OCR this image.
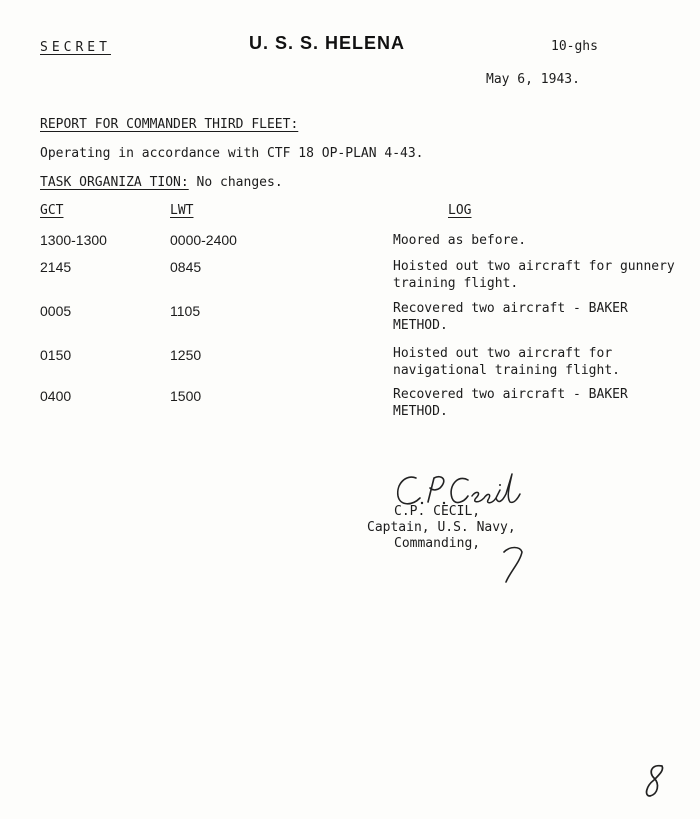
SECRET	U. S. S. HELENA	10-ghs
May 6, 1943.
REPORT FOR COMMANDER THIRD FLEET:
Operating in accordance with CTF 18 OP-PLAN 4-43.
TASK ORGANIZA TION: No changes.
GCT	LWT	LOG
1300-1300	0000-2400	Moored as before.
2145	0845	Hoisted out two aircraft for gunnery training flight.
0005	1105	Recovered two aircraft - BAKER METHOD.
0150	1250	Hoisted out two aircraft for navigational training flight.
0400	1500	Recovered two aircraft - BAKER METHOD.
C.P. CECIL,
Captain, U.S. Navy,
Commanding,
